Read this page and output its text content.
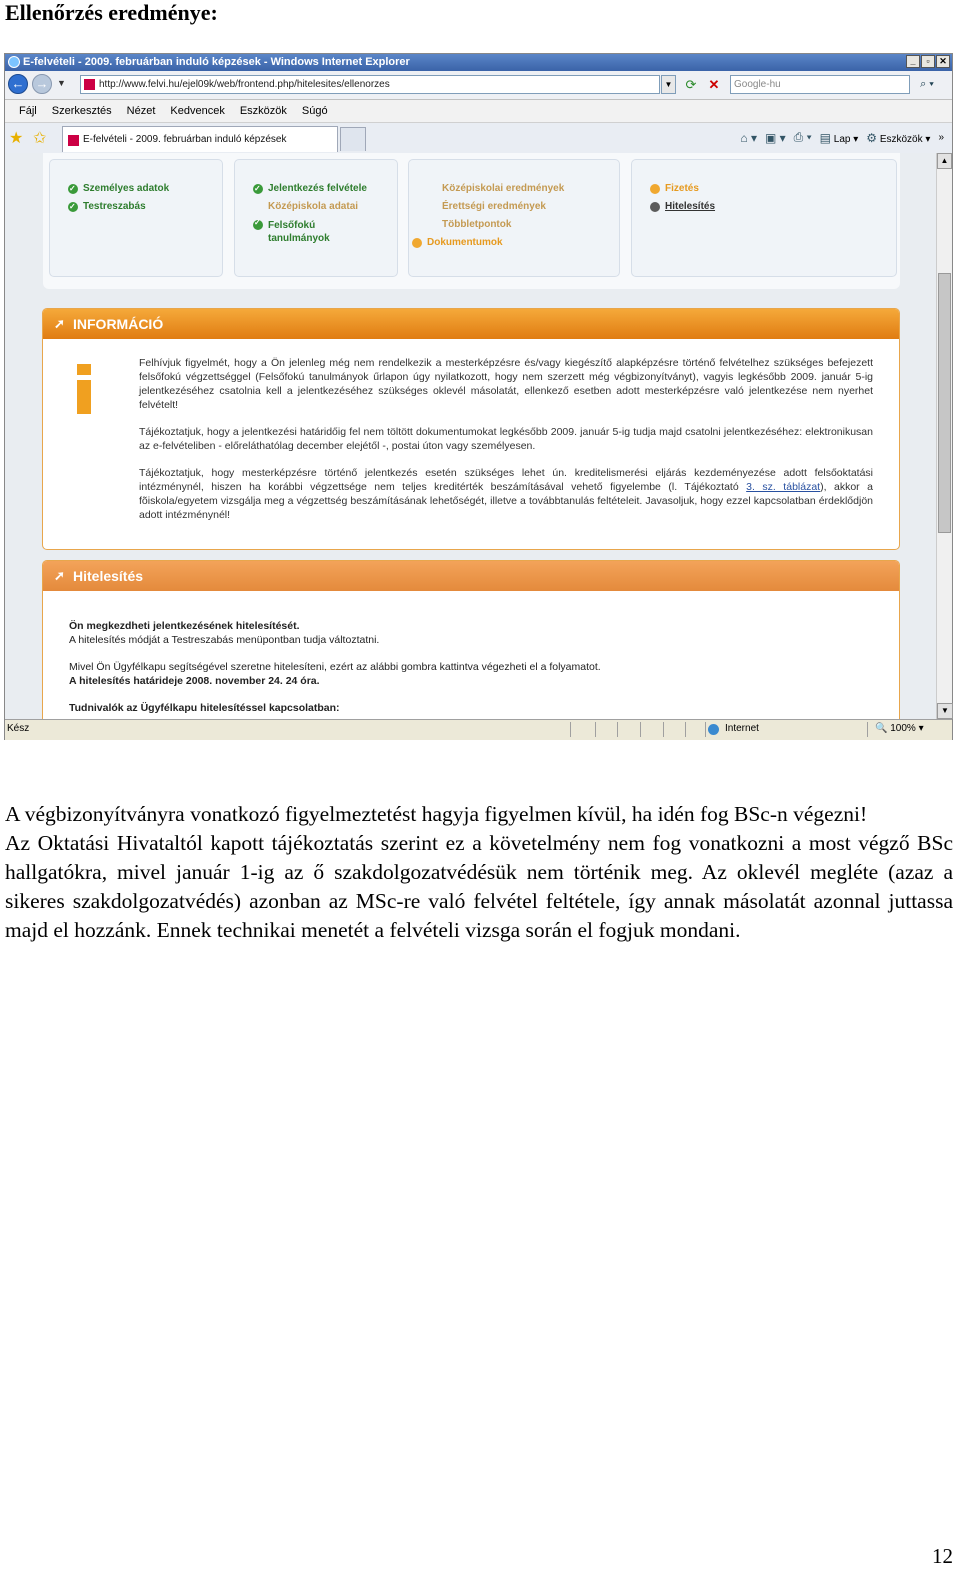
Ellenőrzés eredménye:
E-felvételi - 2009. februárban induló képzések - Windows Internet Explorer	_	▫	✕
← → ▼	http://www.felvi.hu/ejel09k/web/frontend.php/hitelesites/ellenorzes	▼ ⟳ ✕	Google-hu	⌕ ▾
Fájl Szerkesztés Nézet Kedvencek Eszközök Súgó
★ ✩	E-felvételi - 2009. februárban induló képzések	⌂ ▾ ▣ ▾ ⎙ ▾ ▤ Lap ▾ ⚙ Eszközök ▾ »
✓
Személyes adatok
✓
Testreszabás
✓
Jelentkezés felvétele
Középiskola adatai
✓
Felsőfokú tanulmányok
Középiskolai eredmények
Érettségi eredmények
Többletpontok
Dokumentumok
Fizetés
Hitelesítés
➚ INFORMÁCIÓ

Felhívjuk figyelmét, hogy a Ön jelenleg még nem rendelkezik a mesterképzésre és/vagy kiegészítő alapképzésre történő felvételhez szükséges befejezett felsőfokú végzettséggel (Felsőfokú tanulmányok űrlapon úgy nyilatkozott, hogy nem szerzett még végbizonyítványt), vagyis legkésőbb 2009. január 5-ig jelentkezéséhez csatolnia kell a jelentkezéséhez szükséges oklevél másolatát, ellenkező esetben adott mesterképzésre való jelentkezése nem nyerhet felvételt!

Tájékoztatjuk, hogy a jelentkezési határidőig fel nem töltött dokumentumokat legkésőbb 2009. január 5-ig tudja majd csatolni jelentkezéséhez: elektronikusan az e-felvételiben - előreláthatólag december elejétől -, postai úton vagy személyesen.

Tájékoztatjuk, hogy mesterképzésre történő jelentkezés esetén szükséges lehet ún. kreditelismerési eljárás kezdeményezése adott felsőoktatási intézménynél, hiszen ha korábbi végzettsége nem teljes kreditérték beszámításával vehető figyelembe (l. Tájékoztató 3. sz. táblázat), akkor a fõiskola/egyetem vizsgálja meg a végzettség beszámításának lehetőségét, illetve a továbbtanulás feltételeit. Javasoljuk, hogy ezzel kapcsolatban érdeklődjön adott intézménynél!

➚ Hitelesítés

Ön megkezdheti jelentkezésének hitelesítését.
A hitelesítés módját a Testreszabás menüpontban tudja változtatni.

Mivel Ön Ügyfélkapu segítségével szeretne hitelesíteni, ezért az alábbi gombra kattintva végezheti el a folyamatot.
A hitelesítés határideje 2008. november 24. 24 óra.

Tudnivalók az Ügyfélkapu hitelesítéssel kapcsolatban:

▲
▼
Kész	Internet	🔍 100% ▾

A végbizonyítványra vonatkozó figyelmeztetést hagyja figyelmen kívül, ha idén fog BSc-n végezni!

Az Oktatási Hivataltól kapott tájékoztatás szerint ez a követelmény nem fog vonatkozni a most végző BSc hallgatókra, mivel január 1-ig az ő szakdolgozatvédésük nem történik meg. Az oklevél megléte (azaz a sikeres szakdolgozatvédés) azonban az MSc-re való felvétel feltétele, így annak másolatát azonnal juttassa majd el hozzánk. Ennek technikai menetét a felvételi vizsga során el fogjuk mondani.

12
